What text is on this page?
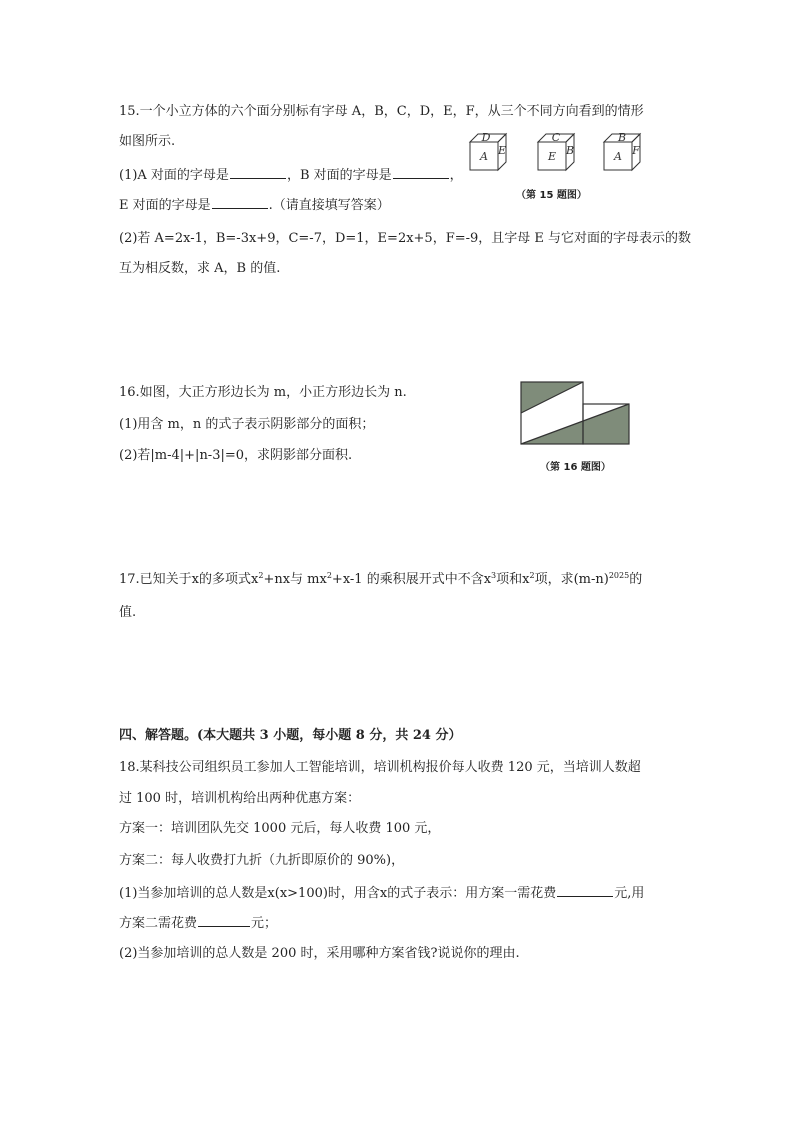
15.一个小立方体的六个面分别标有字母 A，B，C，D，E，F，从三个不同方向看到的情形
如图所示.
(1)A 对面的字母是	，B 对面的字母是	，
E 对面的字母是	.（请直接填写答案）
(2)若 A=2x-1，B=-3x+9，C=-7，D=1，E=2x+5，F=-9，且字母 E 与它对面的字母表示的数
互为相反数，求 A，B 的值.
D
A E
C
E B
B
A F
（第 15 题图）
16.如图，大正方形边长为 m，小正方形边长为 n.
(1)用含 m，n 的式子表示阴影部分的面积；
(2)若|m-4|+|n-3|=0，求阴影部分面积.
（第 16 题图）
17.已知关于x的多项式$x^2+nx$与 $mx^2+x-1$ 的乘积展开式中不含$x^3$项和$x^2$项，求$(m-n)^{2025}$的
值.
四、解答题。(本大题共 3 小题，每小题 8 分，共 24 分）
18.某科技公司组织员工参加人工智能培训，培训机构报价每人收费 120 元，当培训人数超
过 100 时，培训机构给出两种优惠方案：
方案一：培训团队先交 1000 元后，每人收费 100 元，
方案二：每人收费打九折（九折即原价的 90%)，
(1)当参加培训的总人数是x(x>100)时，用含x的式子表示：用方案一需花费	元,用
方案二需花费	元；
(2)当参加培训的总人数是 200 时，采用哪种方案省钱?说说你的理由.
